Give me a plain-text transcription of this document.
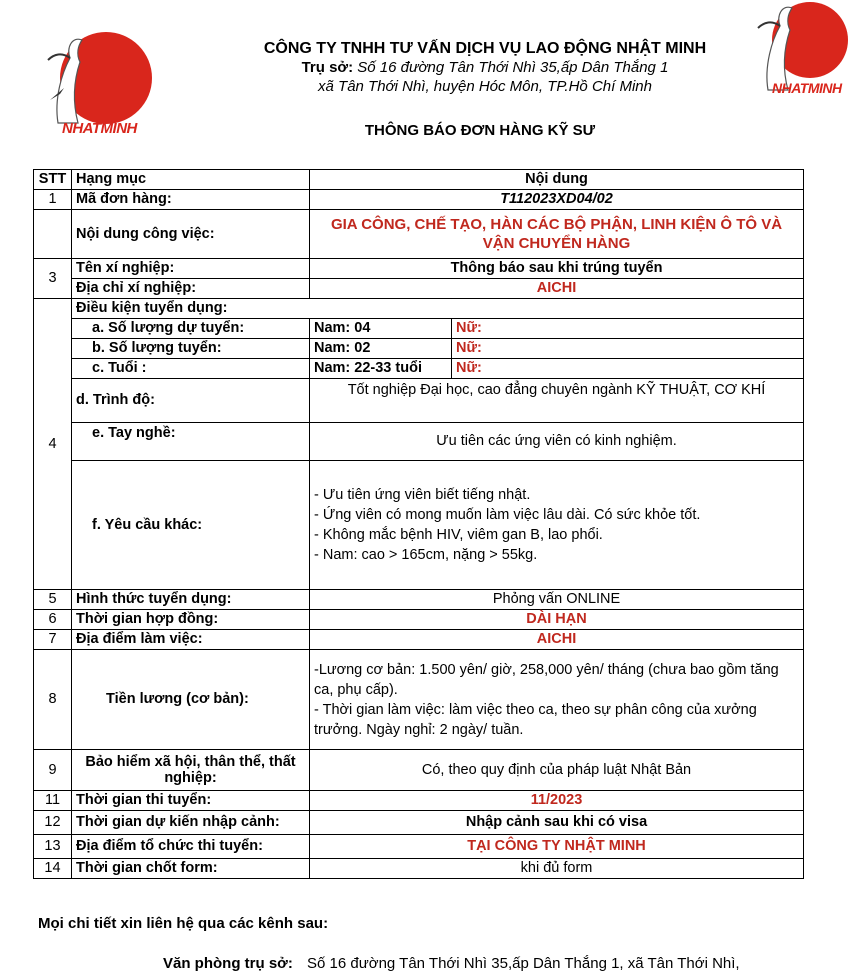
NHATMINH
NHATMINH
CÔNG TY TNHH TƯ VẤN DỊCH VỤ LAO ĐỘNG NHẬT MINH
Trụ sở: Số 16 đường Tân Thới Nhì 35,ấp Dân Thắng 1
xã Tân Thới Nhì, huyện Hóc Môn, TP.Hồ Chí Minh
THÔNG BÁO ĐƠN HÀNG KỸ SƯ
STT	Hạng mục	Nội dung	
1	Mã đơn hàng:	T112023XD04/02	
	Nội dung công việc:	GIA CÔNG, CHẾ TẠO, HÀN CÁC BỘ PHẬN, LINH KIỆN Ô TÔ VÀ VẬN CHUYỂN HÀNG	
3	Tên xí nghiệp:	Thông báo sau khi trúng tuyển	
	Địa chỉ xí nghiệp:	AICHI	
4	Điều kiện tuyển dụng:		
	a. Số lượng dự tuyển:	Nam: 04	Nữ:
	b. Số lượng tuyển:	Nam: 02	Nữ:
	c. Tuổi :	Nam: 22-33 tuổi	Nữ:
	d. Trình độ:	Tốt nghiệp Đại học, cao đẳng chuyên ngành KỸ THUẬT, CƠ KHÍ	
	e. Tay nghề:	Ưu tiên các ứng viên có kinh nghiệm.	
	f. Yêu cầu khác:	- Ưu tiên ứng viên biết tiếng nhật.
- Ứng viên có mong muốn làm việc lâu dài. Có sức khỏe tốt.
- Không mắc bệnh HIV, viêm gan B, lao phổi.
- Nam: cao > 165cm, nặng > 55kg.	

5	Hình thức tuyển dụng:	Phỏng vấn ONLINE	
6	Thời gian hợp đồng:	DÀI HẠN	
7	Địa điểm làm việc:	AICHI	
8	Tiền lương (cơ bản):	-Lương cơ bản: 1.500 yên/ giờ, 258,000 yên/ tháng (chưa bao gồm tăng ca, phụ cấp).
- Thời gian làm việc: làm việc theo ca, theo sự phân công của xưởng trưởng. Ngày nghỉ: 2 ngày/ tuần.	

9	Bảo hiểm xã hội, thân thể, thất nghiệp:	Có, theo quy định của pháp luật Nhật Bản	
11	Thời gian thi tuyển:	11/2023	
12	Thời gian dự kiến nhập cảnh:	Nhập cảnh sau khi có visa	
13	Địa điểm tổ chức thi tuyển:	TẠI CÔNG TY NHẬT MINH	
14	Thời gian chốt form:	khi đủ form	
Mọi chi tiết xin liên hệ qua các kênh sau:
Văn phòng trụ sở: Số 16 đường Tân Thới Nhì 35,ấp Dân Thắng 1, xã Tân Thới Nhì,
